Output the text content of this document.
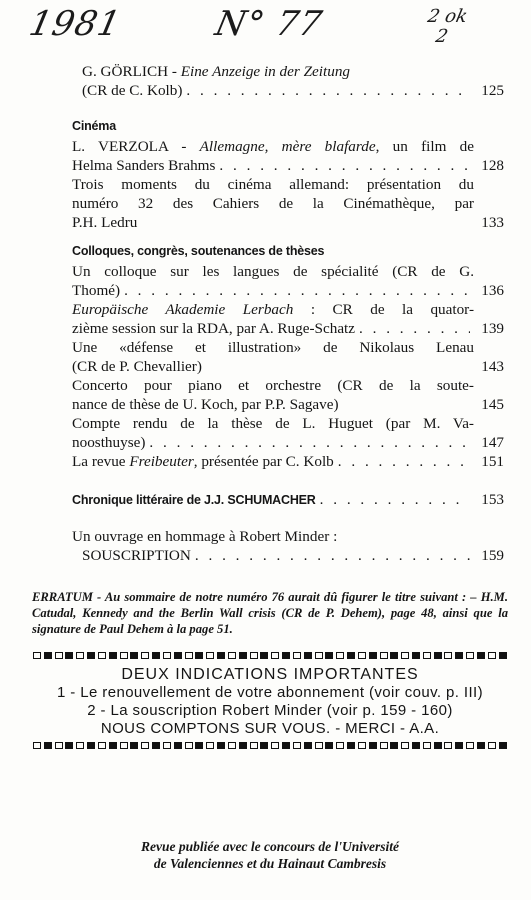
1981	N° 77	2 ok
2
G. GÖRLICH - Eine Anzeige in der Zeitung
(CR de C. Kolb) . . .	125
Cinéma
L. VERZOLA - Allemagne, mère blafarde, un film de
Helma Sanders Brahms . . .	128
Trois moments du cinéma allemand: présentation du
numéro 32 des Cahiers de la Cinémathèque, par
P.H. Ledru	133
Colloques, congrès, soutenances de thèses
Un colloque sur les langues de spécialité (CR de G.
Thomé) . . .	136
Europäische Akademie Lerbach : CR de la quator-
zième session sur la RDA, par A. Ruge-Schatz . . .	139
Une «défense et illustration» de Nikolaus Lenau
(CR de P. Chevallier)	143
Concerto pour piano et orchestre (CR de la soute-
nance de thèse de U. Koch, par P.P. Sagave)	145
Compte rendu de la thèse de L. Huguet (par M. Va-
noosthuyse) . . .	147
La revue Freibeuter, présentée par C. Kolb . . .	151
Chronique littéraire de J.J. SCHUMACHER . . .	153
Un ouvrage en hommage à Robert Minder :
SOUSCRIPTION . . .	159
ERRATUM - Au sommaire de notre numéro 76 aurait dû figurer le titre suivant : – H.M. Catudal, Kennedy and the Berlin Wall crisis (CR de P. Dehem), page 48, ainsi que la signature de Paul Dehem à la page 51.
DEUX INDICATIONS IMPORTANTES
1 - Le renouvellement de votre abonnement (voir couv. p. III)
2 - La souscription Robert Minder (voir p. 159 - 160)
NOUS COMPTONS SUR VOUS. - MERCI - A.A.
Revue publiée avec le concours de l'Université
de Valenciennes et du Hainaut Cambresis
